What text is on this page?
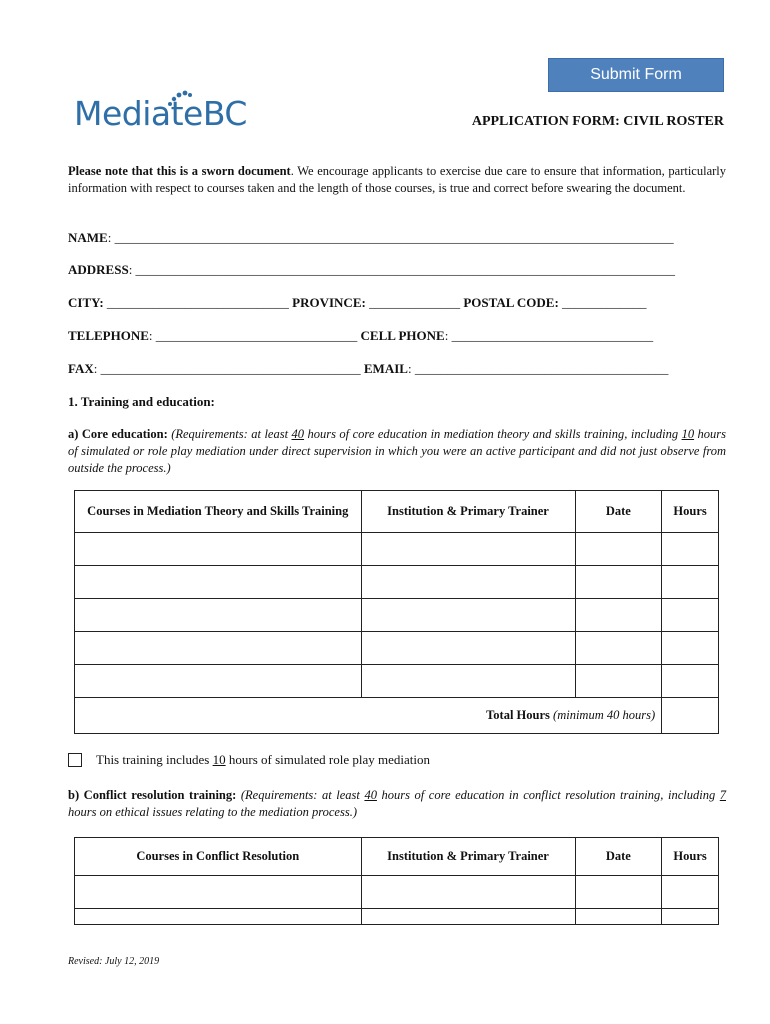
Submit Form
MediateBC	APPLICATION FORM: CIVIL ROSTER
Please note that this is a sworn document. We encourage applicants to exercise due care to ensure that information, particularly information with respect to courses taken and the length of those courses, is true and correct before swearing the document.
NAME: ______________________________________________________________________________________
ADDRESS: ___________________________________________________________________________________
CITY: ____________________________ PROVINCE: ______________ POSTAL CODE: _____________
TELEPHONE: _______________________________ CELL PHONE: _______________________________
FAX: ________________________________________ EMAIL: _______________________________________
1. Training and education:
a) Core education: (Requirements: at least 40 hours of core education in mediation theory and skills training, including 10 hours of simulated or role play mediation under direct supervision in which you were an active participant and did not just observe from outside the process.)
Courses in Mediation Theory and Skills Training	Institution & Primary Trainer	Date	Hours

Total Hours (minimum 40 hours)			
This training includes 10 hours of simulated role play mediation
b) Conflict resolution training: (Requirements: at least 40 hours of core education in conflict resolution training, including 7 hours on ethical issues relating to the mediation process.)
Courses in Conflict Resolution	Institution & Primary Trainer	Date	Hours

Revised: July 12, 2019
